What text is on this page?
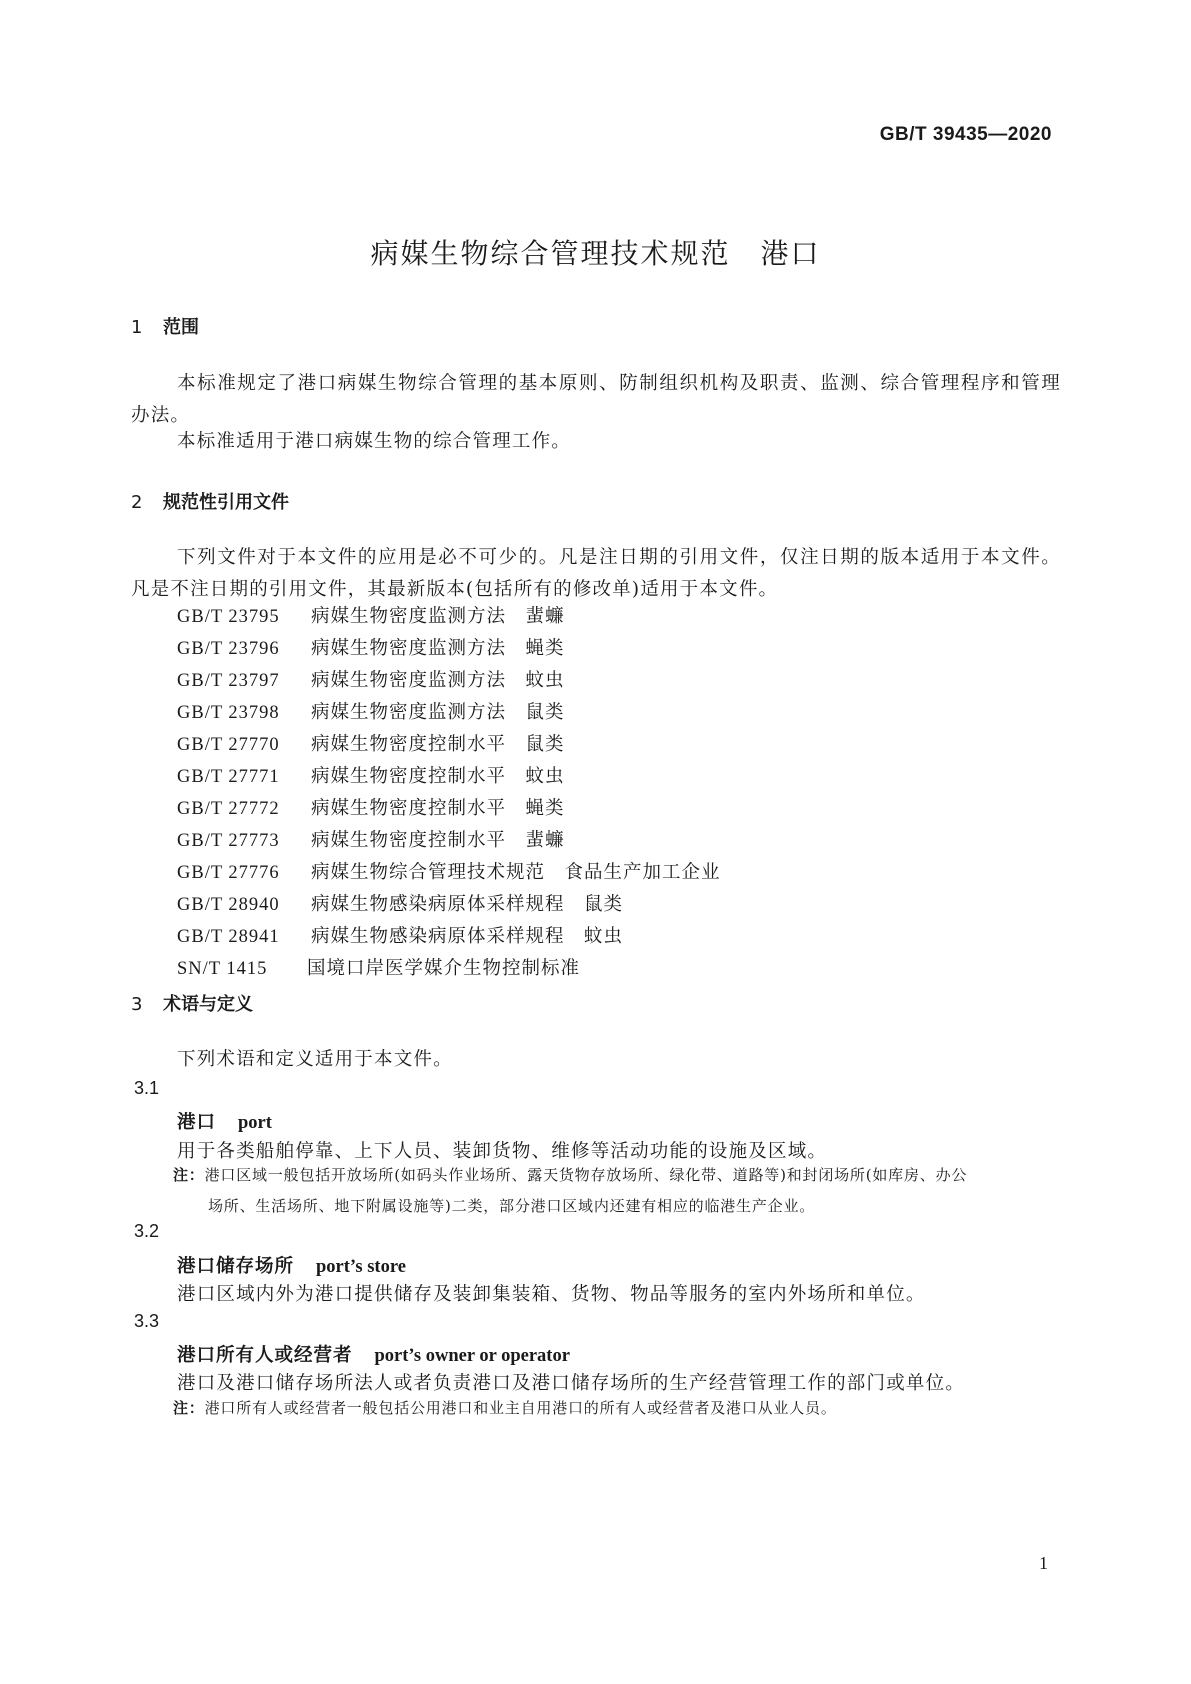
GB/T 39435—2020
病媒生物综合管理技术规范　港口
1 范围
本标准规定了港口病媒生物综合管理的基本原则、防制组织机构及职责、监测、综合管理程序和管理办法。
本标准适用于港口病媒生物的综合管理工作。
2 规范性引用文件
下列文件对于本文件的应用是必不可少的。凡是注日期的引用文件，仅注日期的版本适用于本文件。凡是不注日期的引用文件，其最新版本(包括所有的修改单)适用于本文件。
GB/T 23795 病媒生物密度监测方法　蜚蠊
GB/T 23796 病媒生物密度监测方法　蝇类
GB/T 23797 病媒生物密度监测方法　蚊虫
GB/T 23798 病媒生物密度监测方法　鼠类
GB/T 27770 病媒生物密度控制水平　鼠类
GB/T 27771 病媒生物密度控制水平　蚊虫
GB/T 27772 病媒生物密度控制水平　蝇类
GB/T 27773 病媒生物密度控制水平　蜚蠊
GB/T 27776 病媒生物综合管理技术规范　食品生产加工企业
GB/T 28940 病媒生物感染病原体采样规程　鼠类
GB/T 28941 病媒生物感染病原体采样规程　蚊虫
SN/T 1415 国境口岸医学媒介生物控制标准
3 术语与定义
下列术语和定义适用于本文件。
3.1
港口 port
用于各类船舶停靠、上下人员、装卸货物、维修等活动功能的设施及区域。
注：港口区域一般包括开放场所(如码头作业场所、露天货物存放场所、绿化带、道路等)和封闭场所(如库房、办公
场所、生活场所、地下附属设施等)二类，部分港口区域内还建有相应的临港生产企业。
3.2
港口储存场所 port’s store
港口区域内外为港口提供储存及装卸集装箱、货物、物品等服务的室内外场所和单位。
3.3
港口所有人或经营者 port’s owner or operator
港口及港口储存场所法人或者负责港口及港口储存场所的生产经营管理工作的部门或单位。
注：港口所有人或经营者一般包括公用港口和业主自用港口的所有人或经营者及港口从业人员。
1
